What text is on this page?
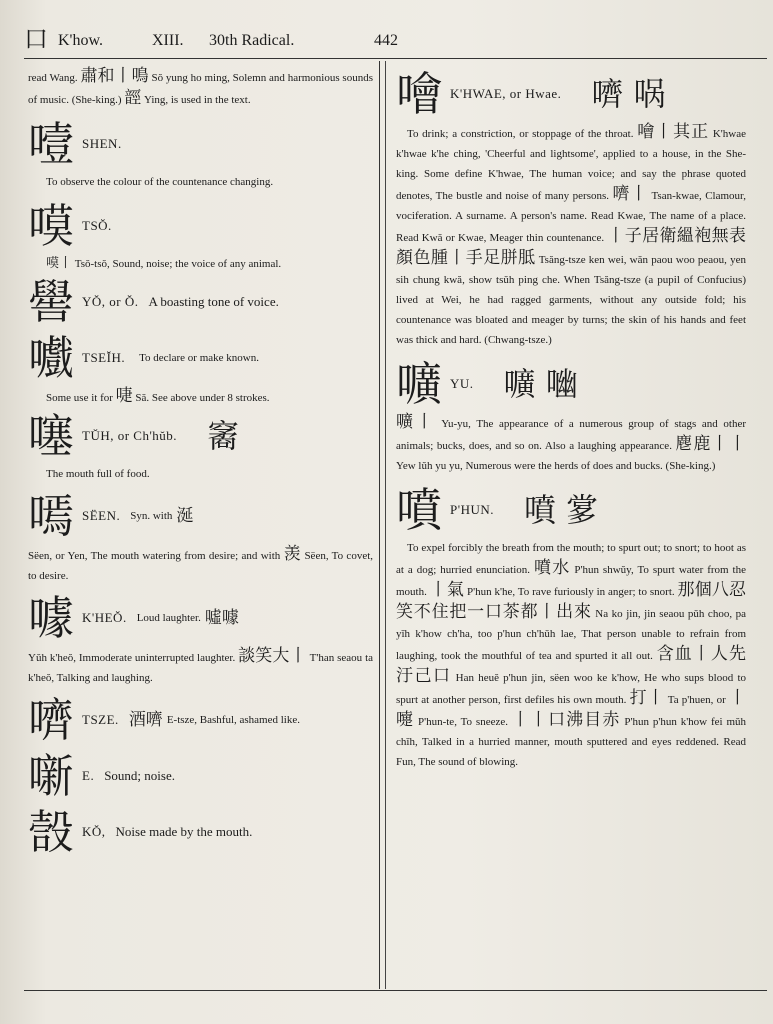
口 K'how.	XIII. 30th Radical.	442

read Wang. 肅和丨鳴 Sŏ yung ho ming, Solemn and harmonious sounds of music. (She-king.) 䪫 Ying, is used in the text.

噎 SHEN.

To observe the colour of the countenance changing.

嗼 TSŎ.

嗼丨 Tsŏ-tsŏ, Sound, noise; the voice of any animal.

嚳 YŎ, or Ŏ. A boasting tone of voice.
嚱 TSEĬH. To declare or make known.

Some use it for 啑 Să. See above under 8 strokes.

噻 TŬH, or Ch'hŭb. 䆷

The mouth full of food.

嘕 SËEN. Syn. with 涎

Sëen, or Yen, The mouth watering from desire; and with 羡 Sëen, To covet, to desire.

噱 K'HEŎ. Loud laughter. 噓噱

Yŭh k'heŏ, Immoderate uninterrupted laughter. 談笑大丨 T'han seaou ta k'heŏ, Talking and laughing.

嚌 TSZE. 酒嚌 E-tsze, Bashful, ashamed like.
噺 E. Sound; noise.
嗀 KŎ, Noise made by the mouth.
噲 K'HWAE, or Hwae. 嚌 㖞
 To drink; a constriction, or stoppage of the throat. 噲丨其正 K'hwae k'hwae k'he ching, 'Cheerful and lightsome', applied to a house, in the She-king. Some define K'hwae, The human voice; and say the phrase quoted denotes, The bustle and noise of many persons. 嚌丨 Tsan-kwae, Clamour, vociferation. A surname. A person's name. Read Kwae, The name of a place. Read Kwă or Kwae, Meager thin countenance. 丨子居衛縕袍無表顏色腫丨手足胼胝 Tsăng-tsze ken wei, wăn paou woo peaou, yen sih chung kwă, show tsŭh ping che. When Tsăng-tsze (a pupil of Confucius) lived at Wei, he had ragged garments, without any outside fold; his countenance was bloated and meager by turns; the skin of his hands and feet was thick and hard. (Chwang-tsze.)
嚝 YU. 嚝 㗀
嚝丨 Yu-yu, The appearance of a numerous group of stags and other animals; bucks, does, and so on. Also a laughing appearance. 麀鹿丨丨 Yew lŭh yu yu, Numerous were the herds of does and bucks. (She-king.)
噴 P'HUN. 噴 㗬
 To expel forcibly the breath from the mouth; to spurt out; to snort; to hoot as at a dog; hurried enunciation. 噴水 P'hun shwŭy, To spurt water from the mouth. 丨氣 P'hun k'he, To rave furiously in anger; to snort. 那個八忍笑不住把一口茶都丨出來 Na ko jin, jin seaou pŭh choo, pa yĭh k'how ch'ha, too p'hun ch'hŭh lae, That person unable to refrain from laughing, took the mouthful of tea and spurted it all out. 含血丨人先汙己口 Han heuĕ p'hun jin, sëen woo ke k'how, He who sups blood to spurt at another person, first defiles his own mouth. 打丨 Ta p'huen, or 丨嚏 P'hun-te, To sneeze. 丨丨口沸目赤 P'hun p'hun k'how fei mŭh chĭh, Talked in a hurried manner, mouth sputtered and eyes reddened. Read Fun, The sound of blowing.
